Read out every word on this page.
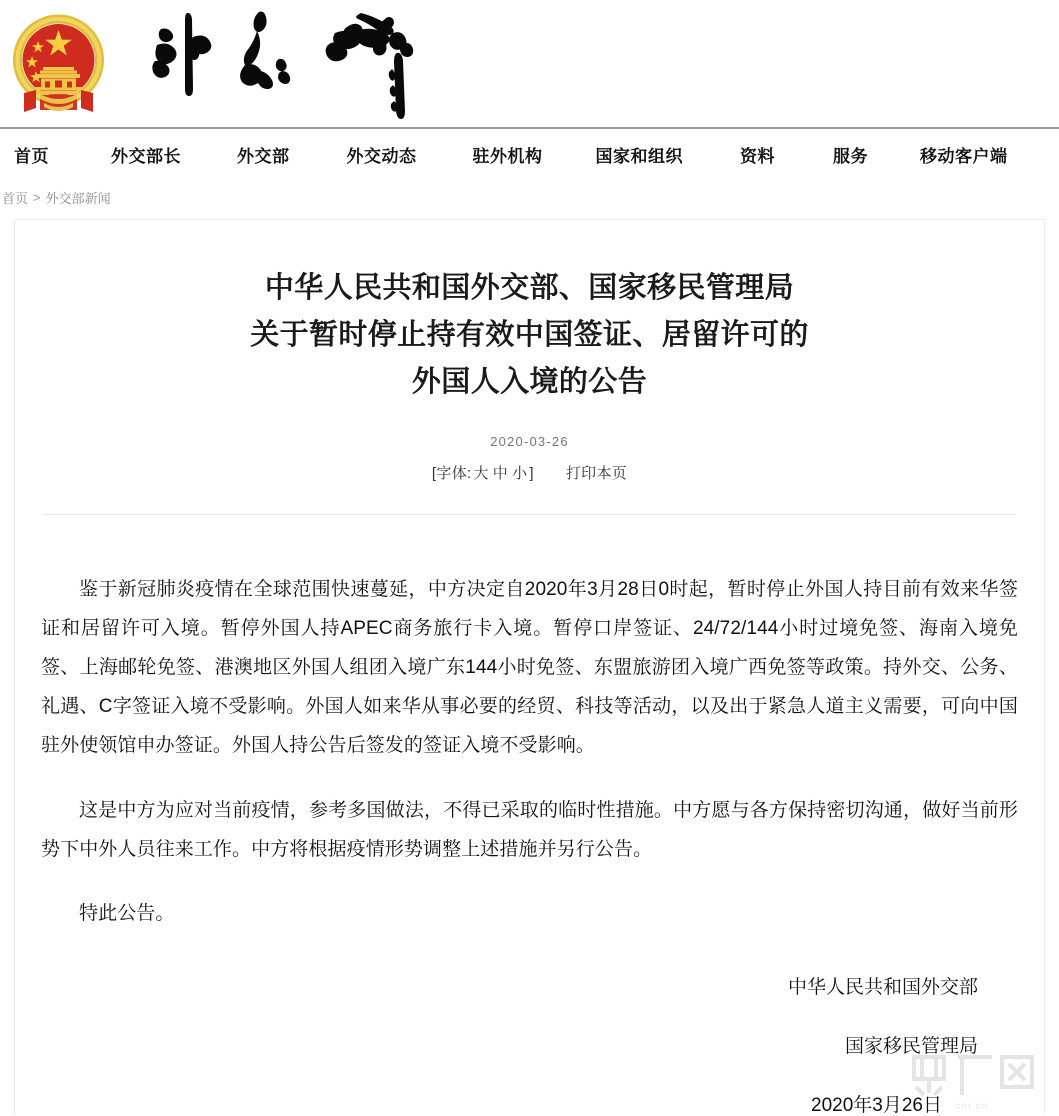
首页	外交部长	外交部	外交动态	驻外机构	国家和组织	资料	服务	移动客户端
首页 > 外交部新闻
中华人民共和国外交部、国家移民管理局
关于暂时停止持有效中国签证、居留许可的
外国人入境的公告
2020-03-26
[字体: 大 中 小 ] 打印本页

鉴于新冠肺炎疫情在全球范围快速蔓延，中方决定自2020年3月28日0时起，暂时停止外国人持目前有效来华签证和居留许可入境。暂停外国人持APEC商务旅行卡入境。暂停口岸签证、24/72/144小时过境免签、海南入境免签、上海邮轮免签、港澳地区外国人组团入境广东144小时免签、东盟旅游团入境广西免签等政策。持外交、公务、礼遇、C字签证入境不受影响。外国人如来华从事必要的经贸、科技等活动，以及出于紧急人道主义需要，可向中国驻外使领馆申办签证。外国人持公告后签发的签证入境不受影响。

这是中方为应对当前疫情，参考多国做法，不得已采取的临时性措施。中方愿与各方保持密切沟通，做好当前形势下中外人员往来工作。中方将根据疫情形势调整上述措施并另行公告。

特此公告。

中华人民共和国外交部
国家移民管理局
2020年3月26日	cnr.cn
